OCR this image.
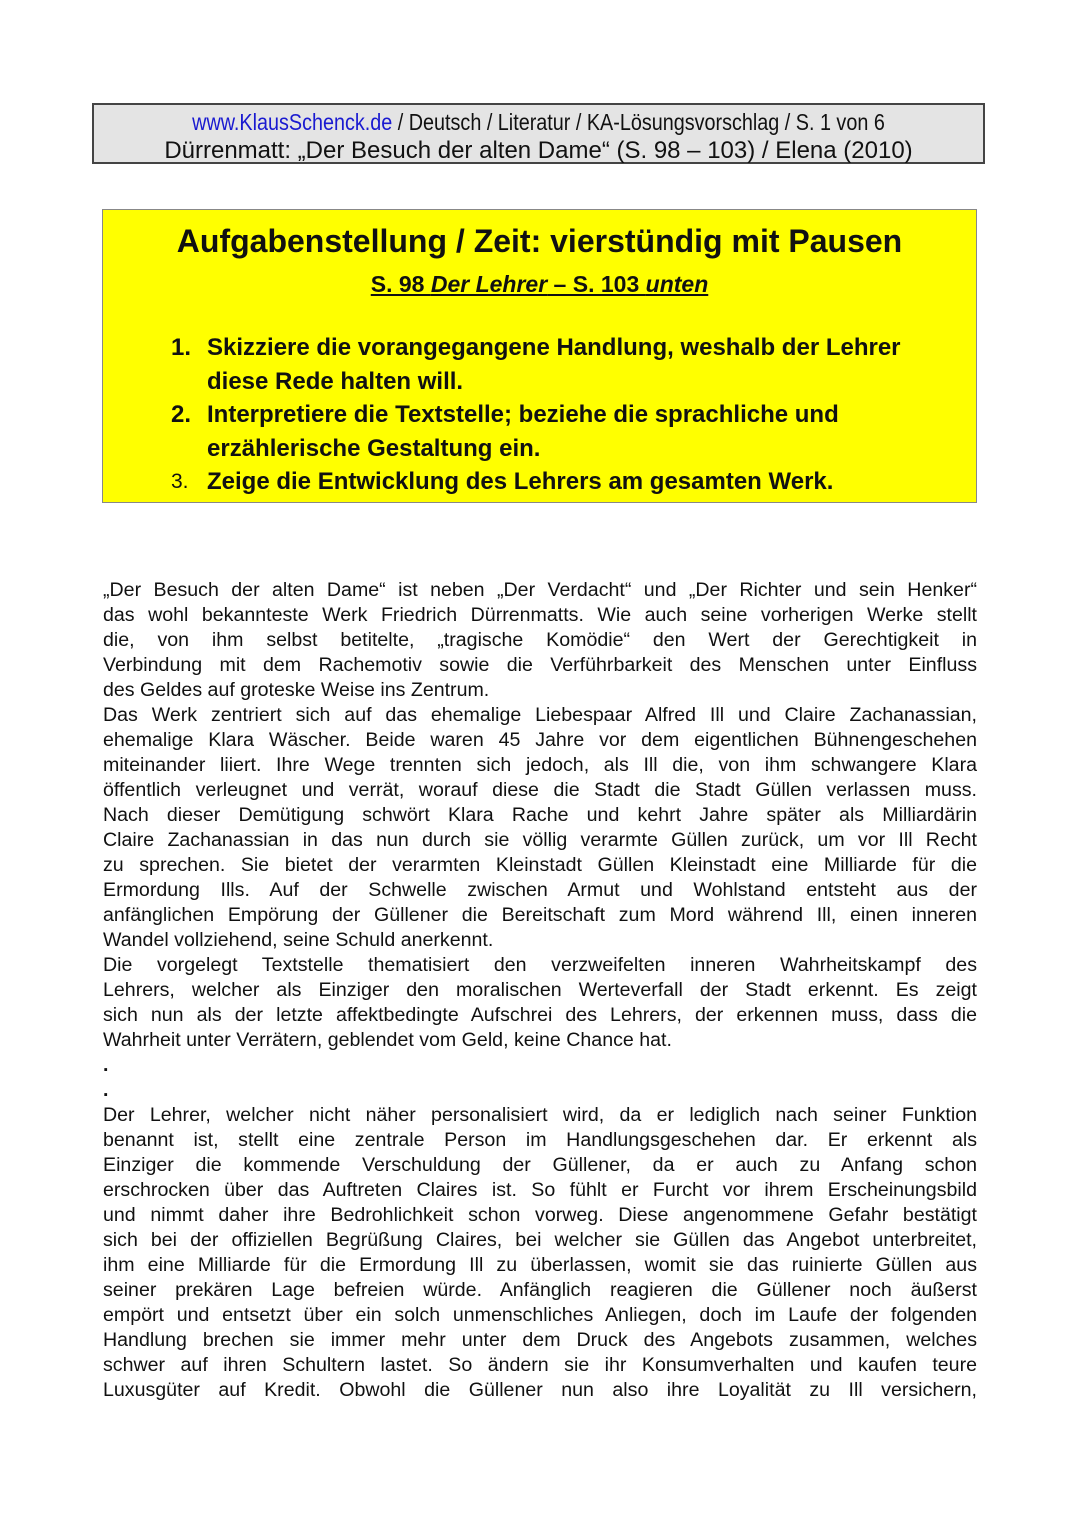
www.KlausSchenck.de / Deutsch / Literatur / KA-Lösungsvorschlag / S. 1 von 6
Dürrenmatt: „Der Besuch der alten Dame“ (S. 98 – 103) / Elena (2010)
Aufgabenstellung / Zeit: vierstündig mit Pausen
S. 98 Der Lehrer – S. 103 unten
1. Skizziere die vorangegangene Handlung, weshalb der Lehrer diese Rede halten will.
2. Interpretiere die Textstelle; beziehe die sprachliche und erzählerische Gestaltung ein.
3. Zeige die Entwicklung des Lehrers am gesamten Werk.
„Der Besuch der alten Dame“ ist neben „Der Verdacht“ und „Der Richter und sein Henker“
das wohl bekannteste Werk Friedrich Dürrenmatts. Wie auch seine vorherigen Werke stellt
die, von ihm selbst betitelte, „tragische Komödie“ den Wert der Gerechtigkeit in
Verbindung mit dem Rachemotiv sowie die Verführbarkeit des Menschen unter Einfluss
des Geldes auf groteske Weise ins Zentrum.
Das Werk zentriert sich auf das ehemalige Liebespaar Alfred Ill und Claire Zachanassian,
ehemalige Klara Wäscher. Beide waren 45 Jahre vor dem eigentlichen Bühnengeschehen
miteinander liiert. Ihre Wege trennten sich jedoch, als Ill die, von ihm schwangere Klara
öffentlich verleugnet und verrät, worauf diese die Stadt die Stadt Güllen verlassen muss.
Nach dieser Demütigung schwört Klara Rache und kehrt Jahre später als Milliardärin
Claire Zachanassian in das nun durch sie völlig verarmte Güllen zurück, um vor Ill Recht
zu sprechen. Sie bietet der verarmten Kleinstadt Güllen Kleinstadt eine Milliarde für die
Ermordung Ills. Auf der Schwelle zwischen Armut und Wohlstand entsteht aus der
anfänglichen Empörung der Güllener die Bereitschaft zum Mord während Ill, einen inneren
Wandel vollziehend, seine Schuld anerkennt.
Die vorgelegt Textstelle thematisiert den verzweifelten inneren Wahrheitskampf des
Lehrers, welcher als Einziger den moralischen Werteverfall der Stadt erkennt. Es zeigt
sich nun als der letzte affektbedingte Aufschrei des Lehrers, der erkennen muss, dass die
Wahrheit unter Verrätern, geblendet vom Geld, keine Chance hat.
.
.
Der Lehrer, welcher nicht näher personalisiert wird, da er lediglich nach seiner Funktion
benannt ist, stellt eine zentrale Person im Handlungsgeschehen dar. Er erkennt als
Einziger die kommende Verschuldung der Güllener, da er auch zu Anfang schon
erschrocken über das Auftreten Claires ist. So fühlt er Furcht vor ihrem Erscheinungsbild
und nimmt daher ihre Bedrohlichkeit schon vorweg. Diese angenommene Gefahr bestätigt
sich bei der offiziellen Begrüßung Claires, bei welcher sie Güllen das Angebot unterbreitet,
ihm eine Milliarde für die Ermordung Ill zu überlassen, womit sie das ruinierte Güllen aus
seiner prekären Lage befreien würde. Anfänglich reagieren die Güllener noch äußerst
empört und entsetzt über ein solch unmenschliches Anliegen, doch im Laufe der folgenden
Handlung brechen sie immer mehr unter dem Druck des Angebots zusammen, welches
schwer auf ihren Schultern lastet. So ändern sie ihr Konsumverhalten und kaufen teure
Luxusgüter auf Kredit. Obwohl die Güllener nun also ihre Loyalität zu Ill versichern,
